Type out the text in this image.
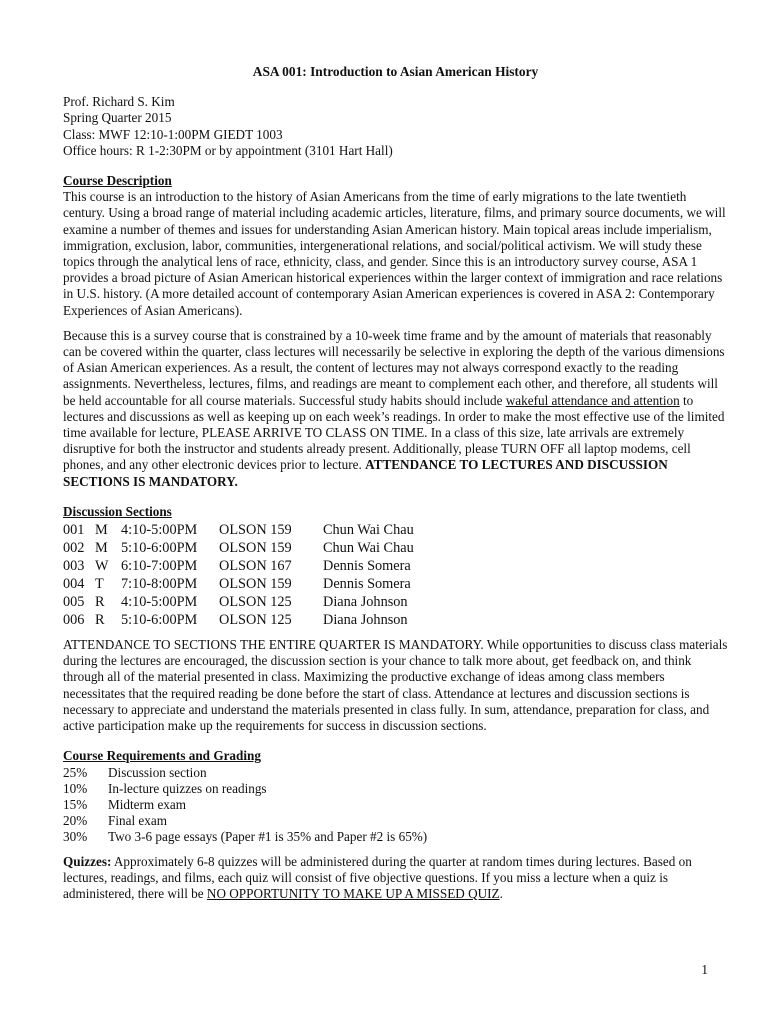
ASA 001: Introduction to Asian American History
Prof. Richard S. Kim
Spring Quarter 2015
Class: MWF 12:10-1:00PM GIEDT 1003
Office hours: R 1-2:30PM or by appointment (3101 Hart Hall)
Course Description

This course is an introduction to the history of Asian Americans from the time of early migrations to the late twentieth century. Using a broad range of material including academic articles, literature, films, and primary source documents, we will examine a number of themes and issues for understanding Asian American history. Main topical areas include imperialism, immigration, exclusion, labor, communities, intergenerational relations, and social/political activism. We will study these topics through the analytical lens of race, ethnicity, class, and gender. Since this is an introductory survey course, ASA 1 provides a broad picture of Asian American historical experiences within the larger context of immigration and race relations in U.S. history. (A more detailed account of contemporary Asian American experiences is covered in ASA 2: Contemporary Experiences of Asian Americans).

Because this is a survey course that is constrained by a 10-week time frame and by the amount of materials that reasonably can be covered within the quarter, class lectures will necessarily be selective in exploring the depth of the various dimensions of Asian American experiences. As a result, the content of lectures may not always correspond exactly to the reading assignments. Nevertheless, lectures, films, and readings are meant to complement each other, and therefore, all students will be held accountable for all course materials. Successful study habits should include wakeful attendance and attention to lectures and discussions as well as keeping up on each week’s readings. In order to make the most effective use of the limited time available for lecture, PLEASE ARRIVE TO CLASS ON TIME. In a class of this size, late arrivals are extremely disruptive for both the instructor and students already present. Additionally, please TURN OFF all laptop modems, cell phones, and any other electronic devices prior to lecture. ATTENDANCE TO LECTURES AND DISCUSSION SECTIONS IS MANDATORY.

Discussion Sections
001 M 4:10-5:00PM	OLSON 159	Chun Wai Chau
002 M 5:10-6:00PM	OLSON 159	Chun Wai Chau
003 W 6:10-7:00PM	OLSON 167	Dennis Somera
004 T	7:10-8:00PM	OLSON 159	Dennis Somera
005 R	4:10-5:00PM	OLSON 125	Diana Johnson
006 R	5:10-6:00PM	OLSON 125	Diana Johnson

ATTENDANCE TO SECTIONS THE ENTIRE QUARTER IS MANDATORY. While opportunities to discuss class materials during the lectures are encouraged, the discussion section is your chance to talk more about, get feedback on, and think through all of the material presented in class. Maximizing the productive exchange of ideas among class members necessitates that the required reading be done before the start of class. Attendance at lectures and discussion sections is necessary to appreciate and understand the materials presented in class fully. In sum, attendance, preparation for class, and active participation make up the requirements for success in discussion sections.

Course Requirements and Grading
25%	Discussion section
10%	In-lecture quizzes on readings
15%	Midterm exam
20%	Final exam
30%	Two 3-6 page essays (Paper #1 is 35% and Paper #2 is 65%)

Quizzes: Approximately 6-8 quizzes will be administered during the quarter at random times during lectures. Based on lectures, readings, and films, each quiz will consist of five objective questions. If you miss a lecture when a quiz is administered, there will be NO OPPORTUNITY TO MAKE UP A MISSED QUIZ.

1
